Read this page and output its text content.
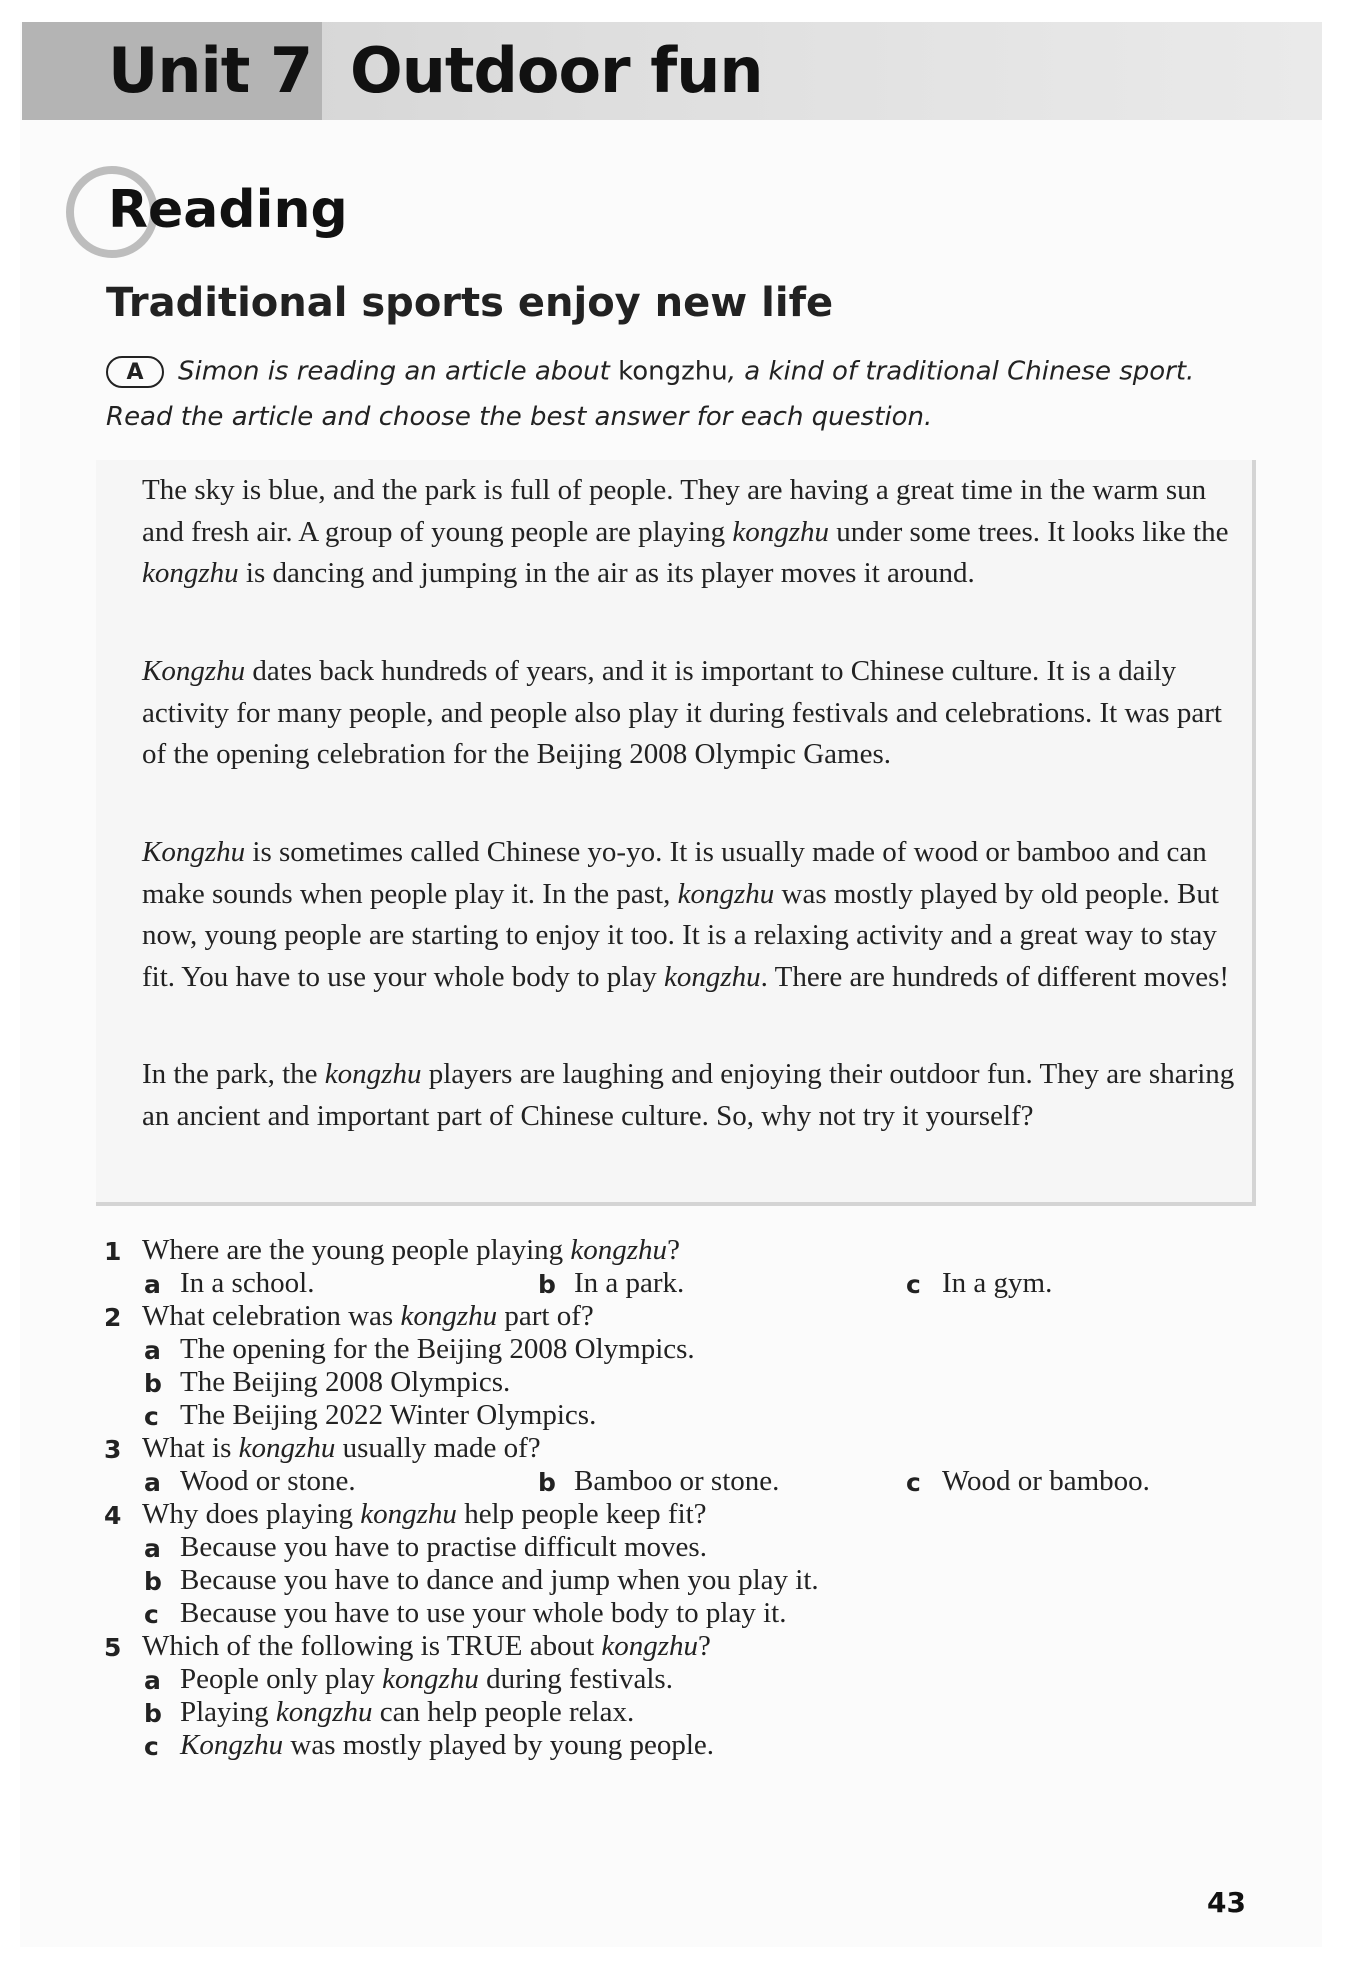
Unit 7 Outdoor fun
Reading
Traditional sports enjoy new life
A Simon is reading an article about kongzhu, a kind of traditional Chinese sport.
Read the article and choose the best answer for each question.

The sky is blue, and the park is full of people. They are having a great time in the warm sun and fresh air. A group of young people are playing kongzhu under some trees. It looks like the kongzhu is dancing and jumping in the air as its player moves it around.

Kongzhu dates back hundreds of years, and it is important to Chinese culture. It is a daily activity for many people, and people also play it during festivals and celebrations. It was part of the opening celebration for the Beijing 2008 Olympic Games.

Kongzhu is sometimes called Chinese yo-yo. It is usually made of wood or bamboo and can make sounds when people play it. In the past, kongzhu was mostly played by old people. But now, young people are starting to enjoy it too. It is a relaxing activity and a great way to stay fit. You have to use your whole body to play kongzhu. There are hundreds of different moves!

In the park, the kongzhu players are laughing and enjoying their outdoor fun. They are sharing an ancient and important part of Chinese culture. So, why not try it yourself?

1 Where are the young people playing kongzhu?
a In a school.	b In a park.	c In a gym.
2 What celebration was kongzhu part of?
a The opening for the Beijing 2008 Olympics.
b The Beijing 2008 Olympics.
c The Beijing 2022 Winter Olympics.
3 What is kongzhu usually made of?
a Wood or stone.	b Bamboo or stone.	c Wood or bamboo.
4 Why does playing kongzhu help people keep fit?
a Because you have to practise difficult moves.
b Because you have to dance and jump when you play it.
c Because you have to use your whole body to play it.
5 Which of the following is TRUE about kongzhu?
a People only play kongzhu during festivals.
b Playing kongzhu can help people relax.
c Kongzhu was mostly played by young people.
43
